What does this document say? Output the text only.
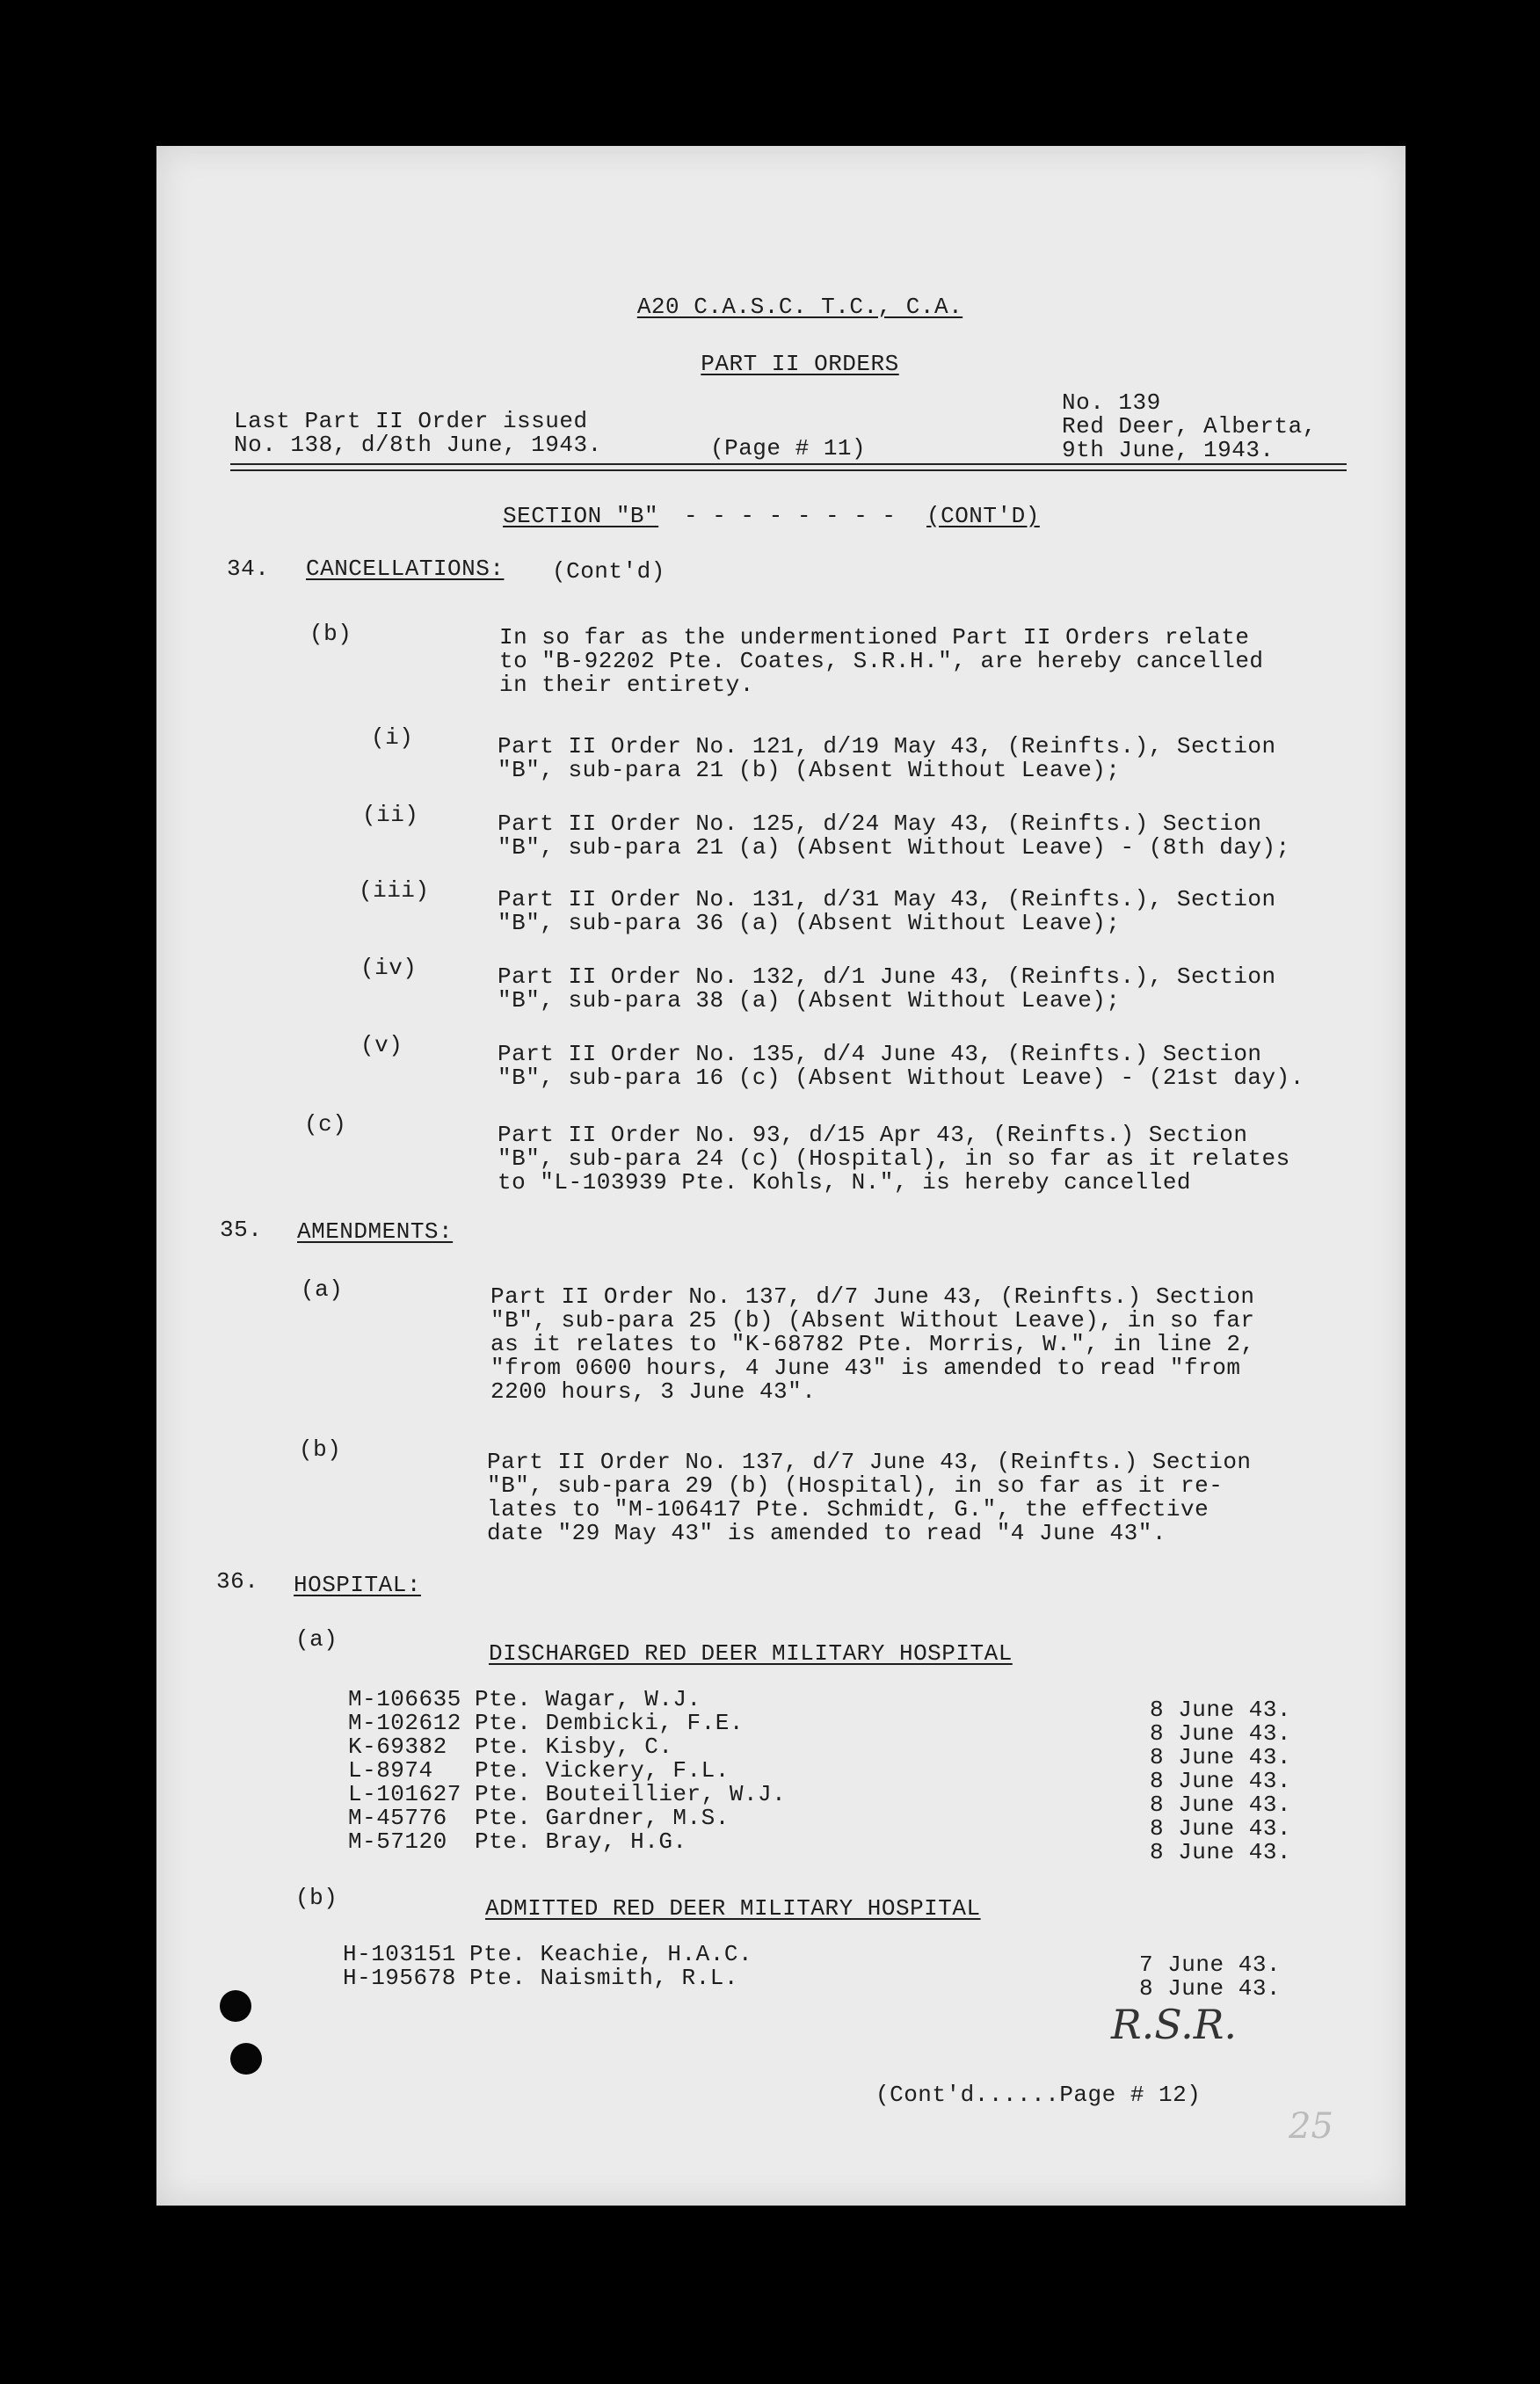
A20 C.A.S.C. T.C., C.A.
PART II ORDERS
Last Part II Order issued
No. 138, d/8th June, 1943.	(Page # 11)
No. 139
Red Deer, Alberta,
9th June, 1943.
SECTION "B" - - - - - - - - (CONT'D)
34. CANCELLATIONS: (Cont'd)
(b)	In so far as the undermentioned Part II Orders relate
to "B-92202 Pte. Coates, S.R.H.", are hereby cancelled
in their entirety.
(i)	Part II Order No. 121, d/19 May 43, (Reinfts.), Section
"B", sub-para 21 (b) (Absent Without Leave);
(ii)	Part II Order No. 125, d/24 May 43, (Reinfts.) Section
"B", sub-para 21 (a) (Absent Without Leave) - (8th day);
(iii)	Part II Order No. 131, d/31 May 43, (Reinfts.), Section
"B", sub-para 36 (a) (Absent Without Leave);
(iv)	Part II Order No. 132, d/1 June 43, (Reinfts.), Section
"B", sub-para 38 (a) (Absent Without Leave);
(v)	Part II Order No. 135, d/4 June 43, (Reinfts.) Section
"B", sub-para 16 (c) (Absent Without Leave) - (21st day).
(c)	Part II Order No. 93, d/15 Apr 43, (Reinfts.) Section
"B", sub-para 24 (c) (Hospital), in so far as it relates
to "L-103939 Pte. Kohls, N.", is hereby cancelled
35. AMENDMENTS:
(a)	Part II Order No. 137, d/7 June 43, (Reinfts.) Section
"B", sub-para 25 (b) (Absent Without Leave), in so far
as it relates to "K-68782 Pte. Morris, W.", in line 2,
"from 0600 hours, 4 June 43" is amended to read "from
2200 hours, 3 June 43".
(b)	Part II Order No. 137, d/7 June 43, (Reinfts.) Section
"B", sub-para 29 (b) (Hospital), in so far as it re-
lates to "M-106417 Pte. Schmidt, G.", the effective
date "29 May 43" is amended to read "4 June 43".
36. HOSPITAL:
(a)
DISCHARGED RED DEER MILITARY HOSPITAL
M-106635 Pte. Wagar, W.J.	8 June 43.
M-102612 Pte. Dembicki, F.E.	8 June 43.
K-69382 Pte. Kisby, C.	8 June 43.
L-8974 Pte. Vickery, F.L.	8 June 43.
L-101627 Pte. Bouteillier, W.J.	8 June 43.
M-45776 Pte. Gardner, M.S.	8 June 43.
M-57120 Pte. Bray, H.G.	8 June 43.
(b)	ADMITTED RED DEER MILITARY HOSPITAL
H-103151 Pte. Keachie, H.A.C.	7 June 43.
H-195678 Pte. Naismith, R.L.	8 June 43.
R.S.R.
(Cont'd......Page # 12)
25
